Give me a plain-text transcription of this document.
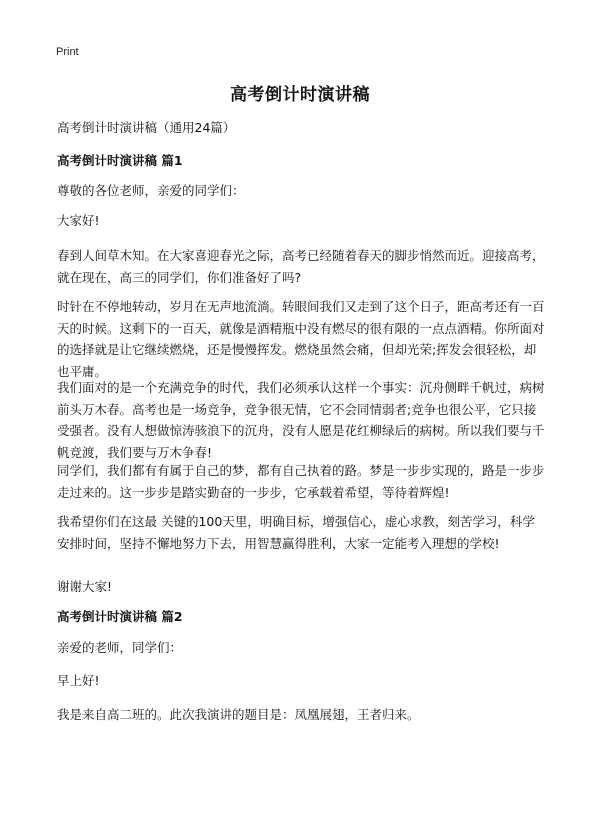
Print
高考倒计时演讲稿
高考倒计时演讲稿（通用24篇）
高考倒计时演讲稿 篇1
尊敬的各位老师，亲爱的同学们：
大家好!
春到人间草木知。在大家喜迎春光之际，高考已经随着春天的脚步悄然而近。迎接高考，就在现在，高三的同学们，你们准备好了吗?
时针在不停地转动，岁月在无声地流淌。转眼间我们又走到了这个日子，距高考还有一百天的时候。这剩下的一百天，就像是酒精瓶中没有燃尽的很有限的一点点酒精。你所面对的选择就是让它继续燃烧，还是慢慢挥发。燃烧虽然会痛，但却光荣;挥发会很轻松，却也平庸。
我们面对的是一个充满竞争的时代，我们必须承认这样一个事实：沉舟侧畔千帆过，病树前头万木春。高考也是一场竞争，竞争很无情，它不会同情弱者;竞争也很公平，它只接受强者。没有人想做惊涛骇浪下的沉舟，没有人愿是花红柳绿后的病树。所以我们要与千帆竞渡，我们要与万木争春!
同学们，我们都有有属于自己的梦，都有自己执着的路。梦是一步步实现的，路是一步步走过来的。这一步步是踏实勤奋的一步步，它承载着希望，等待着辉煌!
我希望你们在这最 关键的100天里，明确目标，增强信心，虚心求教，刻苦学习，科学安排时间，坚持不懈地努力下去，用智慧赢得胜利，大家一定能考入理想的学校!
谢谢大家!
高考倒计时演讲稿 篇2
亲爱的老师，同学们：
早上好!
我是来自高二班的。此次我演讲的题目是：凤凰展翅，王者归来。
